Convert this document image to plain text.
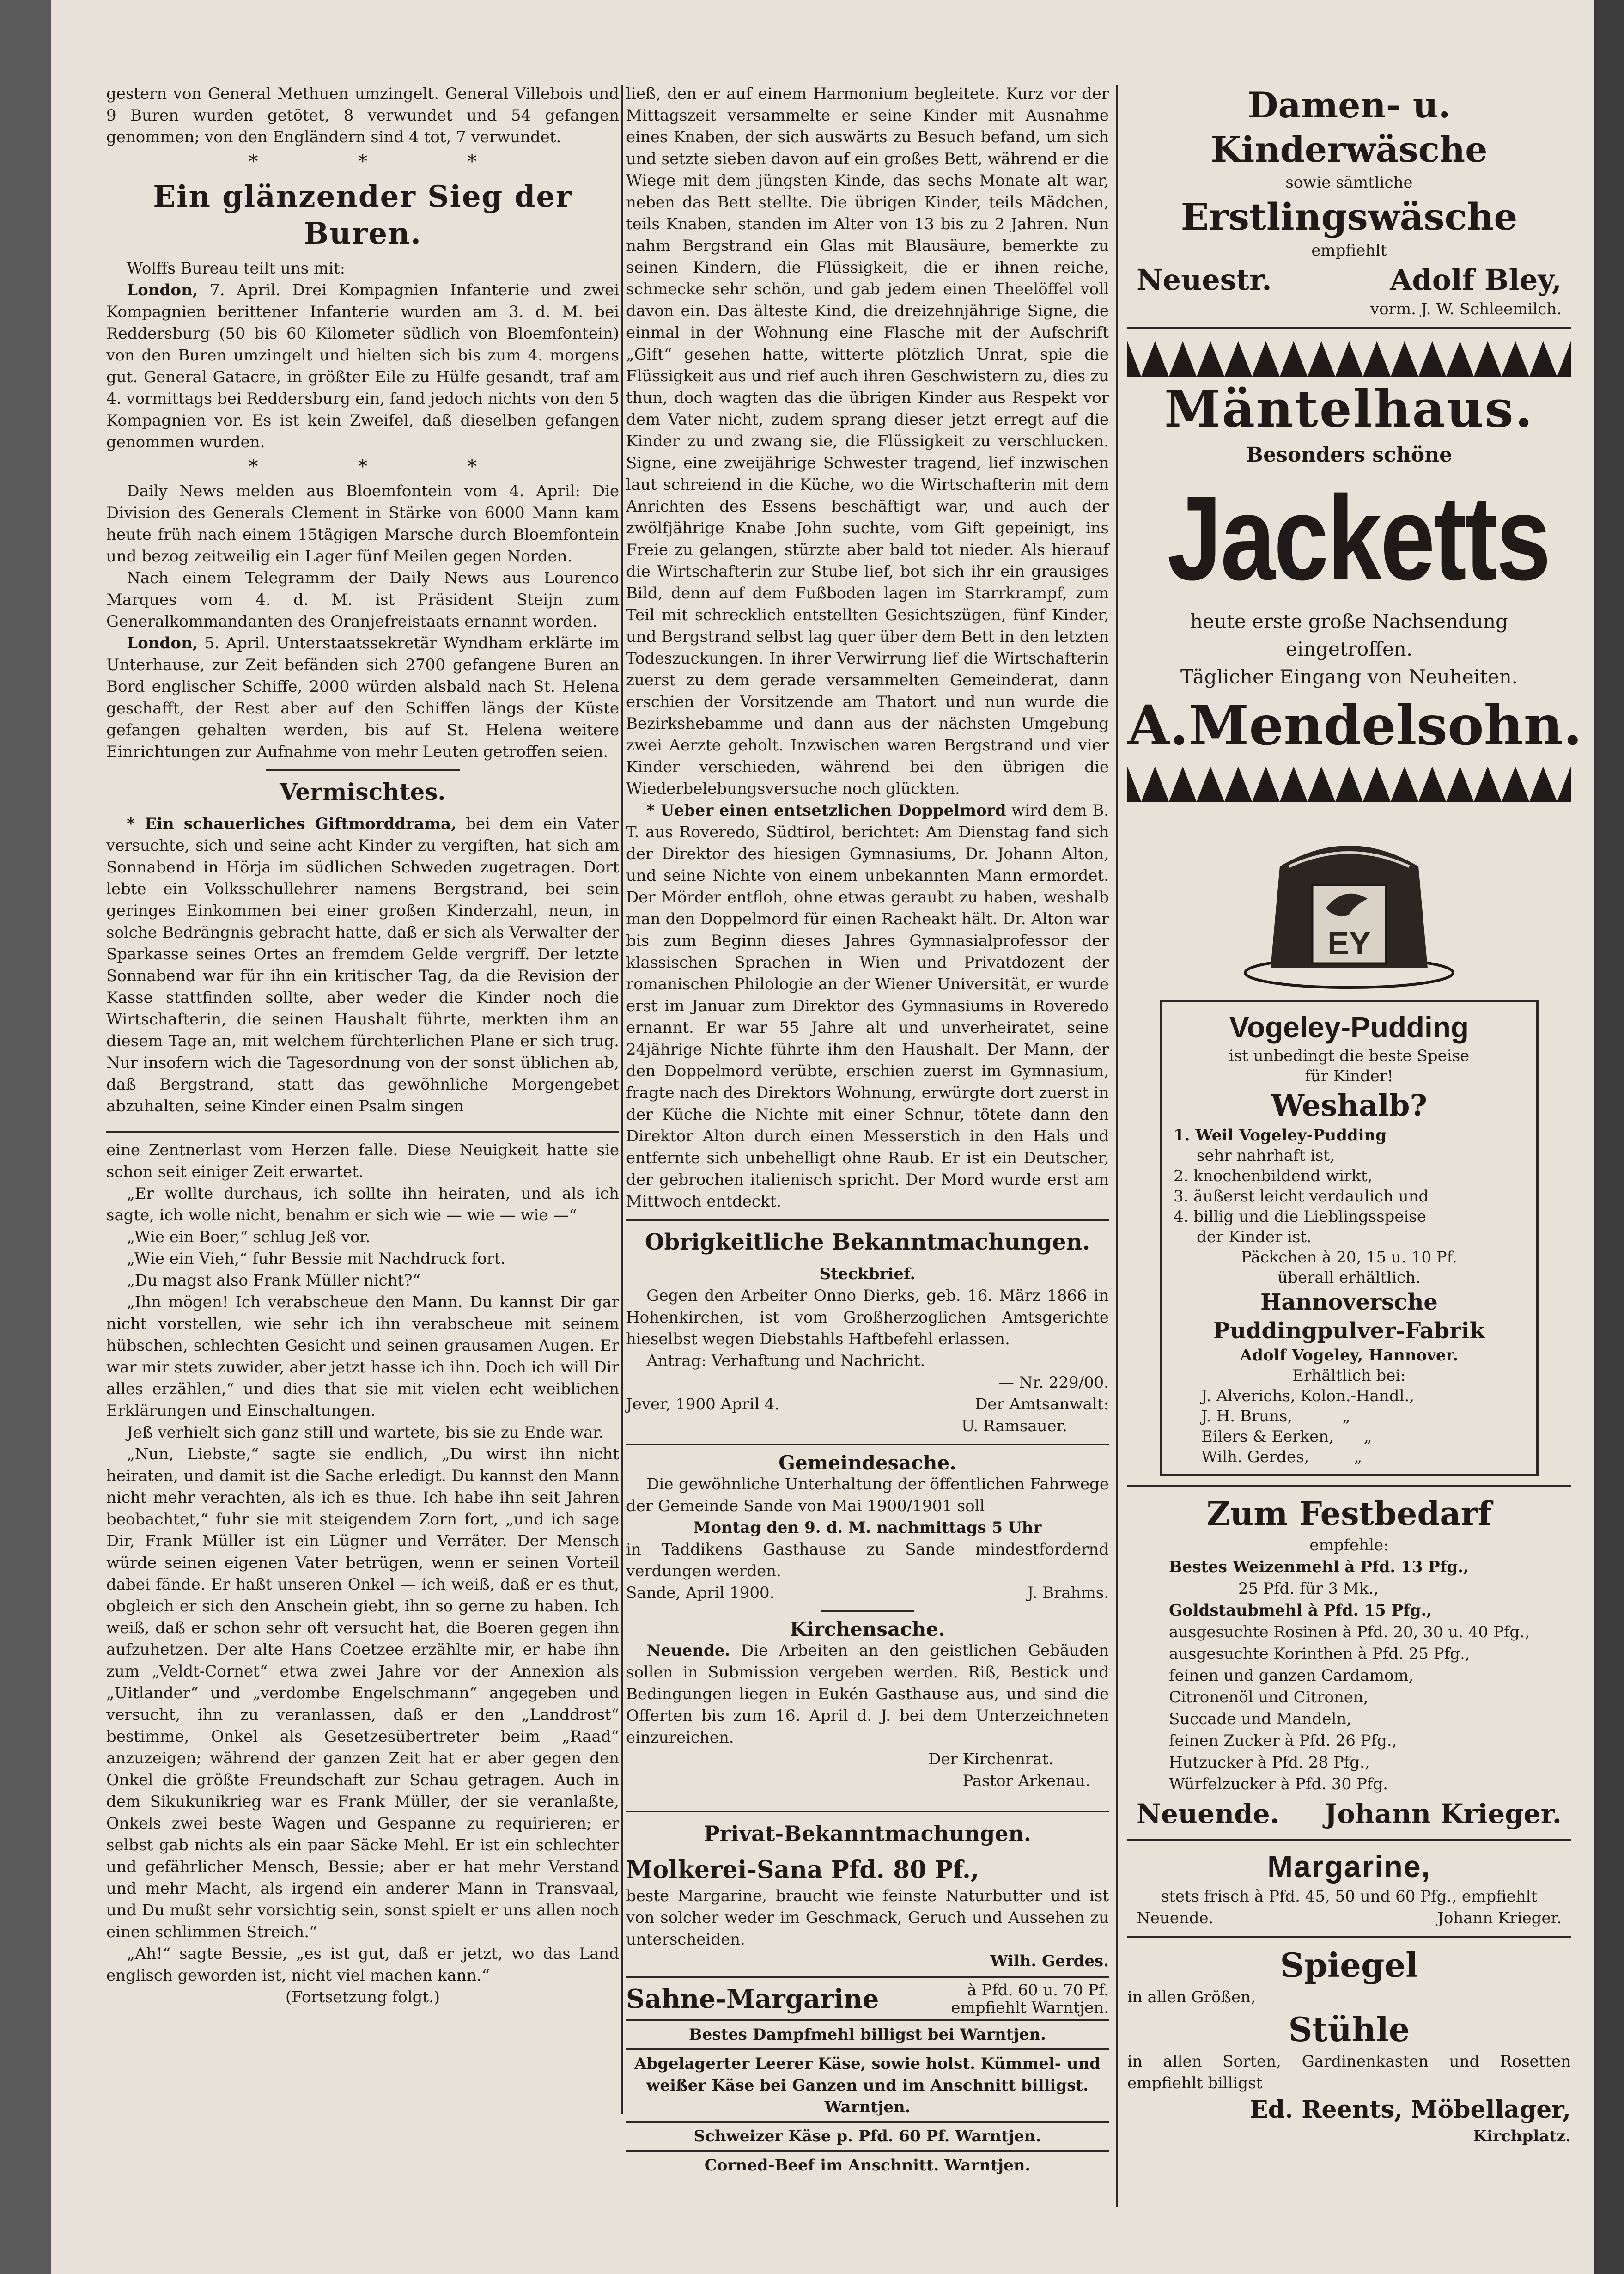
gestern von General Methuen umzingelt. General Villebois und 9 Buren wurden getötet, 8 verwundet und 54 gefangen genommen; von den Engländern sind 4 tot, 7 verwundet.

*	*	*
Ein glänzender Sieg der Buren.

Wolffs Bureau teilt uns mit:

London, 7. April. Drei Kompagnien Infanterie und zwei Kompagnien berittener Infanterie wurden am 3. d. M. bei Reddersburg (50 bis 60 Kilometer südlich von Bloemfontein) von den Buren umzingelt und hielten sich bis zum 4. morgens gut. General Gatacre, in größter Eile zu Hülfe gesandt, traf am 4. vormittags bei Reddersburg ein, fand jedoch nichts von den 5 Kompagnien vor. Es ist kein Zweifel, daß dieselben gefangen genommen wurden.

*	*	*

Daily News melden aus Bloemfontein vom 4. April: Die Division des Generals Clement in Stärke von 6000 Mann kam heute früh nach einem 15tägigen Marsche durch Bloemfontein und bezog zeitweilig ein Lager fünf Meilen gegen Norden.

Nach einem Telegramm der Daily News aus Lourenco Marques vom 4. d. M. ist Präsident Steijn zum Generalkommandanten des Oranjefreistaats ernannt worden.

London, 5. April. Unterstaatssekretär Wyndham erklärte im Unterhause, zur Zeit befänden sich 2700 gefangene Buren an Bord englischer Schiffe, 2000 würden alsbald nach St. Helena geschafft, der Rest aber auf den Schiffen längs der Küste gefangen gehalten werden, bis auf St. Helena weitere Einrichtungen zur Aufnahme von mehr Leuten getroffen seien.

Vermischtes.

* Ein schauerliches Giftmorddrama, bei dem ein Vater versuchte, sich und seine acht Kinder zu vergiften, hat sich am Sonnabend in Hörja im südlichen Schweden zugetragen. Dort lebte ein Volksschullehrer namens Bergstrand, bei sein geringes Einkommen bei einer großen Kinderzahl, neun, in solche Bedrängnis gebracht hatte, daß er sich als Verwalter der Sparkasse seines Ortes an fremdem Gelde vergriff. Der letzte Sonnabend war für ihn ein kritischer Tag, da die Revision der Kasse stattfinden sollte, aber weder die Kinder noch die Wirtschafterin, die seinen Haushalt führte, merkten ihm an diesem Tage an, mit welchem fürchterlichen Plane er sich trug. Nur insofern wich die Tagesordnung von der sonst üblichen ab, daß Bergstrand, statt das gewöhnliche Morgengebet abzuhalten, seine Kinder einen Psalm singen

eine Zentnerlast vom Herzen falle. Diese Neuigkeit hatte sie schon seit einiger Zeit erwartet.

„Er wollte durchaus, ich sollte ihn heiraten, und als ich sagte, ich wolle nicht, benahm er sich wie — wie — wie —“

„Wie ein Boer,“ schlug Jeß vor.

„Wie ein Vieh,“ fuhr Bessie mit Nachdruck fort.

„Du magst also Frank Müller nicht?“

„Ihn mögen! Ich verabscheue den Mann. Du kannst Dir gar nicht vorstellen, wie sehr ich ihn verabscheue mit seinem hübschen, schlechten Gesicht und seinen grausamen Augen. Er war mir stets zuwider, aber jetzt hasse ich ihn. Doch ich will Dir alles erzählen,“ und dies that sie mit vielen echt weiblichen Erklärungen und Einschaltungen.

Jeß verhielt sich ganz still und wartete, bis sie zu Ende war.

„Nun, Liebste,“ sagte sie endlich, „Du wirst ihn nicht heiraten, und damit ist die Sache erledigt. Du kannst den Mann nicht mehr verachten, als ich es thue. Ich habe ihn seit Jahren beobachtet,“ fuhr sie mit steigendem Zorn fort, „und ich sage Dir, Frank Müller ist ein Lügner und Verräter. Der Mensch würde seinen eigenen Vater betrügen, wenn er seinen Vorteil dabei fände. Er haßt unseren Onkel — ich weiß, daß er es thut, obgleich er sich den Anschein giebt, ihn so gerne zu haben. Ich weiß, daß er schon sehr oft versucht hat, die Boeren gegen ihn aufzuhetzen. Der alte Hans Coetzee erzählte mir, er habe ihn zum „Veldt-Cornet“ etwa zwei Jahre vor der Annexion als „Uitlander“ und „verdombe Engelschmann“ angegeben und versucht, ihn zu veranlassen, daß er den „Landdrost“ bestimme, Onkel als Gesetzesübertreter beim „Raad“ anzuzeigen; während der ganzen Zeit hat er aber gegen den Onkel die größte Freundschaft zur Schau getragen. Auch in dem Sikukunikrieg war es Frank Müller, der sie veranlaßte, Onkels zwei beste Wagen und Gespanne zu requirieren; er selbst gab nichts als ein paar Säcke Mehl. Er ist ein schlechter und gefährlicher Mensch, Bessie; aber er hat mehr Verstand und mehr Macht, als irgend ein anderer Mann in Transvaal, und Du mußt sehr vorsichtig sein, sonst spielt er uns allen noch einen schlimmen Streich.“

„Ah!“ sagte Bessie, „es ist gut, daß er jetzt, wo das Land englisch geworden ist, nicht viel machen kann.“

(Fortsetzung folgt.)

ließ, den er auf einem Harmonium begleitete. Kurz vor der Mittagszeit versammelte er seine Kinder mit Ausnahme eines Knaben, der sich auswärts zu Besuch befand, um sich und setzte sieben davon auf ein großes Bett, während er die Wiege mit dem jüngsten Kinde, das sechs Monate alt war, neben das Bett stellte. Die übrigen Kinder, teils Mädchen, teils Knaben, standen im Alter von 13 bis zu 2 Jahren. Nun nahm Bergstrand ein Glas mit Blausäure, bemerkte zu seinen Kindern, die Flüssigkeit, die er ihnen reiche, schmecke sehr schön, und gab jedem einen Theelöffel voll davon ein. Das älteste Kind, die dreizehnjährige Signe, die einmal in der Wohnung eine Flasche mit der Aufschrift „Gift“ gesehen hatte, witterte plötzlich Unrat, spie die Flüssigkeit aus und rief auch ihren Geschwistern zu, dies zu thun, doch wagten das die übrigen Kinder aus Respekt vor dem Vater nicht, zudem sprang dieser jetzt erregt auf die Kinder zu und zwang sie, die Flüssigkeit zu verschlucken. Signe, eine zweijährige Schwester tragend, lief inzwischen laut schreiend in die Küche, wo die Wirtschafterin mit dem Anrichten des Essens beschäftigt war, und auch der zwölfjährige Knabe John suchte, vom Gift gepeinigt, ins Freie zu gelangen, stürzte aber bald tot nieder. Als hierauf die Wirtschafterin zur Stube lief, bot sich ihr ein grausiges Bild, denn auf dem Fußboden lagen im Starrkrampf, zum Teil mit schrecklich entstellten Gesichtszügen, fünf Kinder, und Bergstrand selbst lag quer über dem Bett in den letzten Todeszuckungen. In ihrer Verwirrung lief die Wirtschafterin zuerst zu dem gerade versammelten Gemeinderat, dann erschien der Vorsitzende am Thatort und nun wurde die Bezirkshebamme und dann aus der nächsten Umgebung zwei Aerzte geholt. Inzwischen waren Bergstrand und vier Kinder verschieden, während bei den übrigen die Wiederbelebungsversuche noch glückten.

* Ueber einen entsetzlichen Doppelmord wird dem B. T. aus Roveredo, Südtirol, berichtet: Am Dienstag fand sich der Direktor des hiesigen Gymnasiums, Dr. Johann Alton, und seine Nichte von einem unbekannten Mann ermordet. Der Mörder entfloh, ohne etwas geraubt zu haben, weshalb man den Doppelmord für einen Racheakt hält. Dr. Alton war bis zum Beginn dieses Jahres Gymnasialprofessor der klassischen Sprachen in Wien und Privatdozent der romanischen Philologie an der Wiener Universität, er wurde erst im Januar zum Direktor des Gymnasiums in Roveredo ernannt. Er war 55 Jahre alt und unverheiratet, seine 24jährige Nichte führte ihm den Haushalt. Der Mann, der den Doppelmord verübte, erschien zuerst im Gymnasium, fragte nach des Direktors Wohnung, erwürgte dort zuerst in der Küche die Nichte mit einer Schnur, tötete dann den Direktor Alton durch einen Messerstich in den Hals und entfernte sich unbehelligt ohne Raub. Er ist ein Deutscher, der gebrochen italienisch spricht. Der Mord wurde erst am Mittwoch entdeckt.

Obrigkeitliche Bekanntmachungen.

Steckbrief.

Gegen den Arbeiter Onno Dierks, geb. 16. März 1866 in Hohenkirchen, ist vom Großherzoglichen Amtsgerichte hieselbst wegen Diebstahls Haftbefehl erlassen.

Antrag: Verhaftung und Nachricht.

— Nr. 229/00.

Jever, 1900 April 4.	Der Amtsanwalt:

U. Ramsauer.

Gemeindesache.

Die gewöhnliche Unterhaltung der öffentlichen Fahrwege der Gemeinde Sande von Mai 1900/1901 soll

Montag den 9. d. M. nachmittags 5 Uhr

in Taddikens Gasthause zu Sande mindestfordernd verdungen werden.

Sande, April 1900.	J. Brahms.

Kirchensache.

Neuende. Die Arbeiten an den geistlichen Gebäuden sollen in Submission vergeben werden. Riß, Bestick und Bedingungen liegen in Eukén Gasthause aus, und sind die Offerten bis zum 16. April d. J. bei dem Unterzeichneten einzureichen.

Der Kirchenrat.

Pastor Arkenau.

Privat-Bekanntmachungen.

Molkerei-Sana Pfd. 80 Pf.,

beste Margarine, braucht wie feinste Naturbutter und ist von solcher weder im Geschmack, Geruch und Aussehen zu unterscheiden.

Wilh. Gerdes.

Sahne-Margarine	à Pfd. 60 u. 70 Pf.
empfiehlt Warntjen.

Bestes Dampfmehl billigst bei Warntjen.

Abgelagerter Leerer Käse, sowie holst. Kümmel- und weißer Käse bei Ganzen und im Anschnitt billigst. Warntjen.

Schweizer Käse p. Pfd. 60 Pf. Warntjen.

Corned-Beef im Anschnitt. Warntjen.

Damen- u. Kinderwäsche
sowie sämtliche
Erstlingswäsche
empfiehlt
Neuestr.	Adolf Bley,
vorm. J. W. Schleemilch.
Mäntelhaus.
Besonders schöne
Jacketts
heute erste große Nachsendung eingetroffen.
Täglicher Eingang von Neuheiten.
A.Mendelsohn.
EY
Vogeley-Pudding
ist unbedingt die beste Speise
für Kinder!
Weshalb?
1. Weil Vogeley-Pudding
sehr nahrhaft ist,
2. knochenbildend wirkt,
3. äußerst leicht verdaulich und
4. billig und die Lieblingsspeise
der Kinder ist.
Päckchen à 20, 15 u. 10 Pf.
überall erhältlich.
Hannoversche
Puddingpulver-Fabrik
Adolf Vogeley, Hannover.
Erhältlich bei:
J. Alverichs, Kolon.-Handl.,
J. H. Bruns,          „
Eilers & Eerken,      „
Wilh. Gerdes,         „
Zum Festbedarf
empfehle:
Bestes Weizenmehl à Pfd. 13 Pfg.,
25 Pfd. für 3 Mk.,
Goldstaubmehl à Pfd. 15 Pfg.,
ausgesuchte Rosinen à Pfd. 20, 30 u. 40 Pfg.,
ausgesuchte Korinthen à Pfd. 25 Pfg.,
feinen und ganzen Cardamom,
Citronenöl und Citronen,
Succade und Mandeln,
feinen Zucker à Pfd. 26 Pfg.,
Hutzucker à Pfd. 28 Pfg.,
Würfelzucker à Pfd. 30 Pfg.
Neuende. Johann Krieger.
Margarine,
stets frisch à Pfd. 45, 50 und 60 Pfg., empfiehlt
Neuende.	Johann Krieger.
Spiegel
in allen Größen,
Stühle
in allen Sorten, Gardinenkasten und Rosetten empfiehlt billigst
Ed. Reents, Möbellager,
Kirchplatz.
